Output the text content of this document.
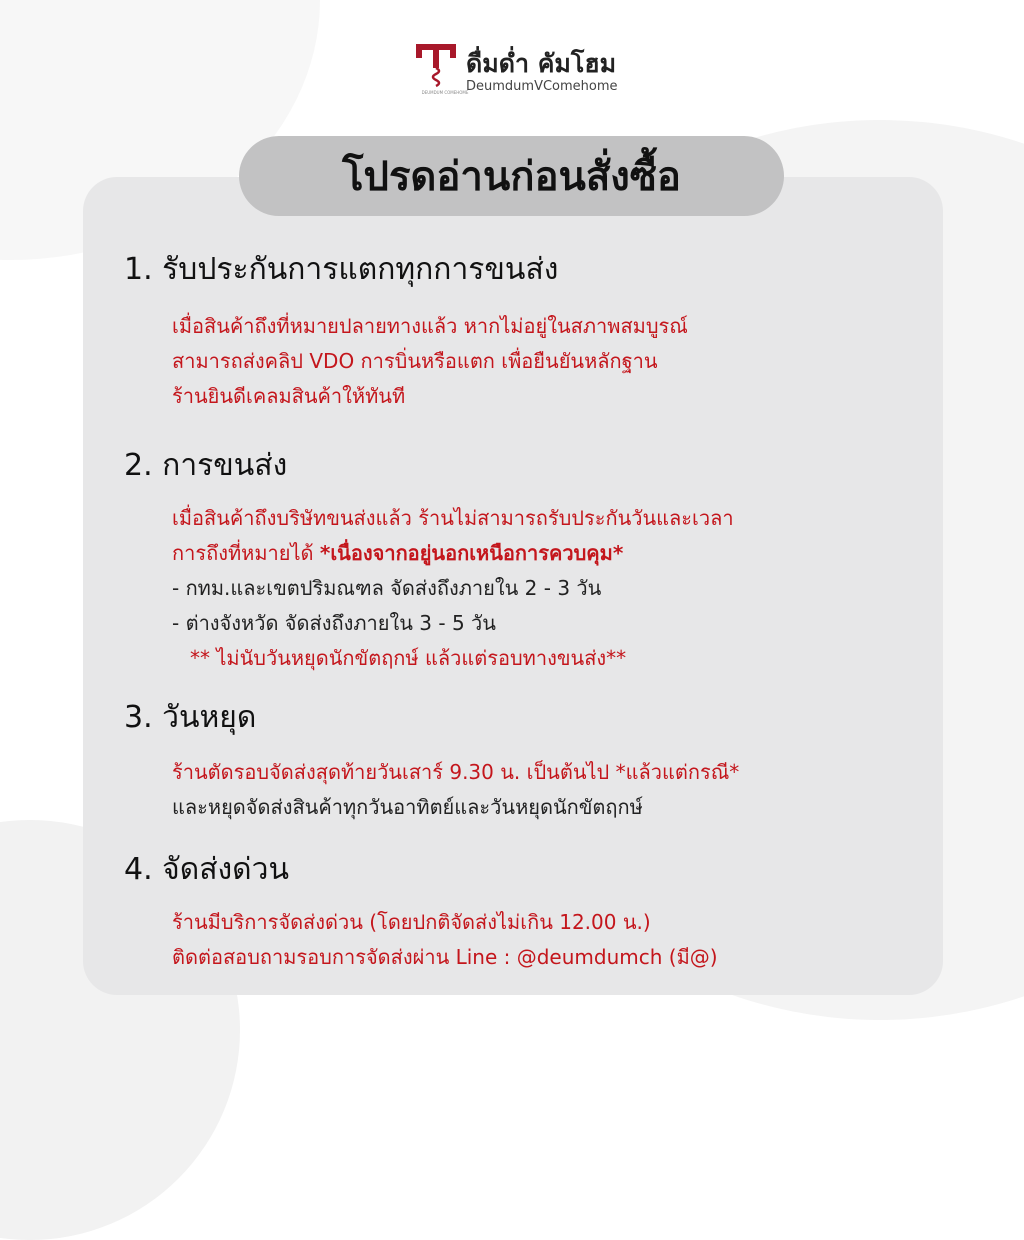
DEUMDUM COMEHOME
ดื่มด่ำ คัมโฮม
DeumdumVComehome
โปรดอ่านก่อนสั่งซื้อ
1. รับประกันการแตกทุกการขนส่ง
เมื่อสินค้าถึงที่หมายปลายทางแล้ว หากไม่อยู่ในสภาพสมบูรณ์
สามารถส่งคลิป VDO การบิ่นหรือแตก เพื่อยืนยันหลักฐาน
ร้านยินดีเคลมสินค้าให้ทันที
2. การขนส่ง
เมื่อสินค้าถึงบริษัทขนส่งแล้ว ร้านไม่สามารถรับประกันวันและเวลา
การถึงที่หมายได้ *เนื่องจากอยู่นอกเหนือการควบคุม*
- กทม.และเขตปริมณฑล จัดส่งถึงภายใน 2 - 3 วัน
- ต่างจังหวัด จัดส่งถึงภายใน 3 - 5 วัน
** ไม่นับวันหยุดนักขัตฤกษ์ แล้วแต่รอบทางขนส่ง**
3. วันหยุด
ร้านตัดรอบจัดส่งสุดท้ายวันเสาร์ 9.30 น. เป็นต้นไป *แล้วแต่กรณี*
และหยุดจัดส่งสินค้าทุกวันอาทิตย์และวันหยุดนักขัตฤกษ์
4. จัดส่งด่วน
ร้านมีบริการจัดส่งด่วน (โดยปกติจัดส่งไม่เกิน 12.00 น.)
ติดต่อสอบถามรอบการจัดส่งผ่าน Line : @deumdumch (มี@)
